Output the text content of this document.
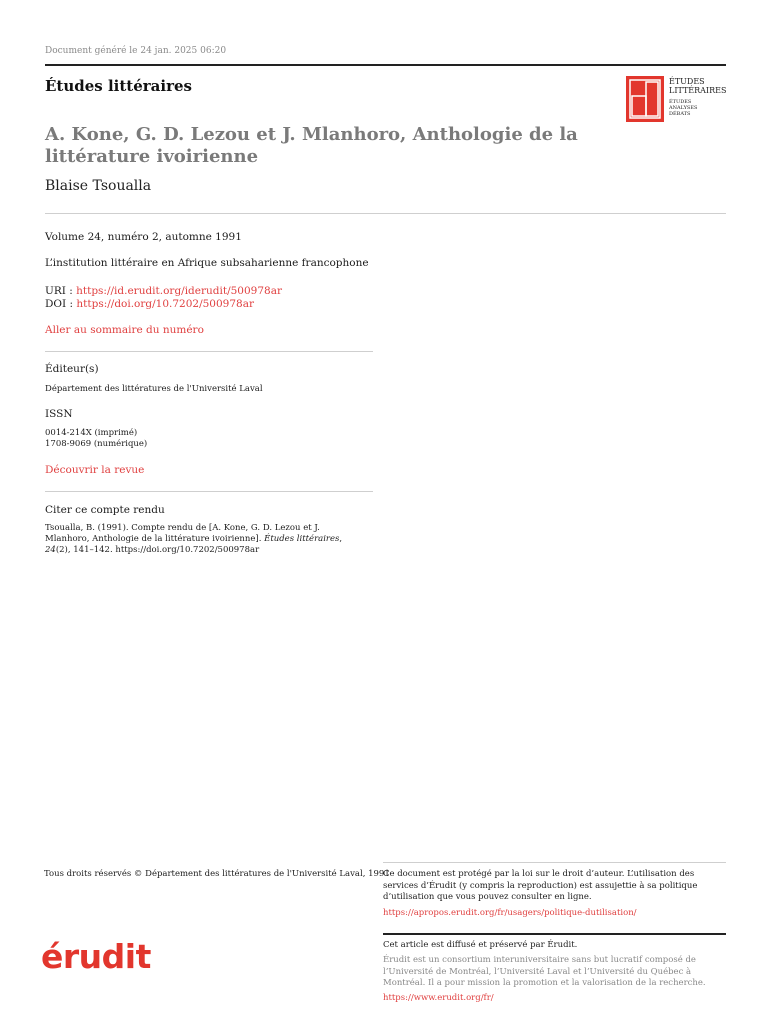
Document généré le 24 jan. 2025 06:20
Études littéraires	ÉTUDES
LITTÉRAIRES
ÉTUDES
ANALYSES
DÉBATS
A. Kone, G. D. Lezou et J. Mlanhoro, Anthologie de la littérature ivoirienne
Blaise Tsoualla
Volume 24, numéro 2, automne 1991
L’institution littéraire en Afrique subsaharienne francophone
URI : https://id.erudit.org/iderudit/500978ar
DOI : https://doi.org/10.7202/500978ar
Aller au sommaire du numéro
Éditeur(s)
Département des littératures de l'Université Laval
ISSN
0014-214X (imprimé)
1708-9069 (numérique)
Découvrir la revue
Citer ce compte rendu
Tsoualla, B. (1991). Compte rendu de [A. Kone, G. D. Lezou et J. Mlanhoro, Anthologie de la littérature ivoirienne]. Études littéraires, 24(2), 141–142. https://doi.org/10.7202/500978ar
Tous droits réservés © Département des littératures de l'Université Laval, 1991
Ce document est protégé par la loi sur le droit d’auteur. L’utilisation des services d’Érudit (y compris la reproduction) est assujettie à sa politique d’utilisation que vous pouvez consulter en ligne.
https://apropos.erudit.org/fr/usagers/politique-dutilisation/
érudit	Cet article est diffusé et préservé par Érudit.
Érudit est un consortium interuniversitaire sans but lucratif composé de l’Université de Montréal, l’Université Laval et l’Université du Québec à Montréal. Il a pour mission la promotion et la valorisation de la recherche.
https://www.erudit.org/fr/
